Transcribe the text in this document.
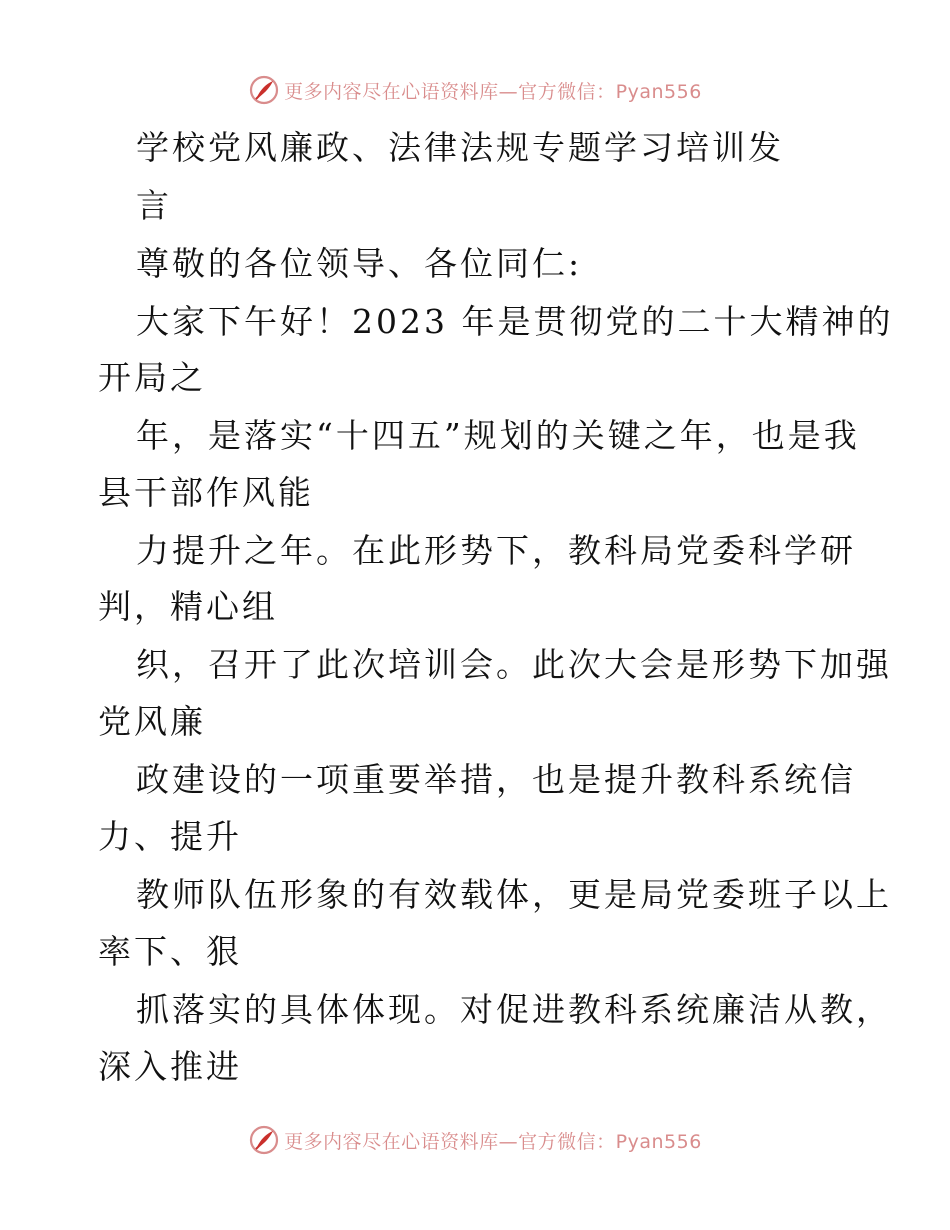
更多内容尽在心语资料库—官方微信：Pyan556
学校党风廉政、法律法规专题学习培训发
言
尊敬的各位领导、各位同仁:
大家下午好！2023 年是贯彻党的二十大精神的
开局之
年，是落实“十四五”规划的关键之年，也是我
县干部作风能
力提升之年。在此形势下，教科局党委科学研
判，精心组
织，召开了此次培训会。此次大会是形势下加强
党风廉
政建设的一项重要举措，也是提升教科系统信
力、提升
教师队伍形象的有效载体，更是局党委班子以上
率下、狠
抓落实的具体体现。对促进教科系统廉洁从教，
深入推进
更多内容尽在心语资料库—官方微信：Pyan556
